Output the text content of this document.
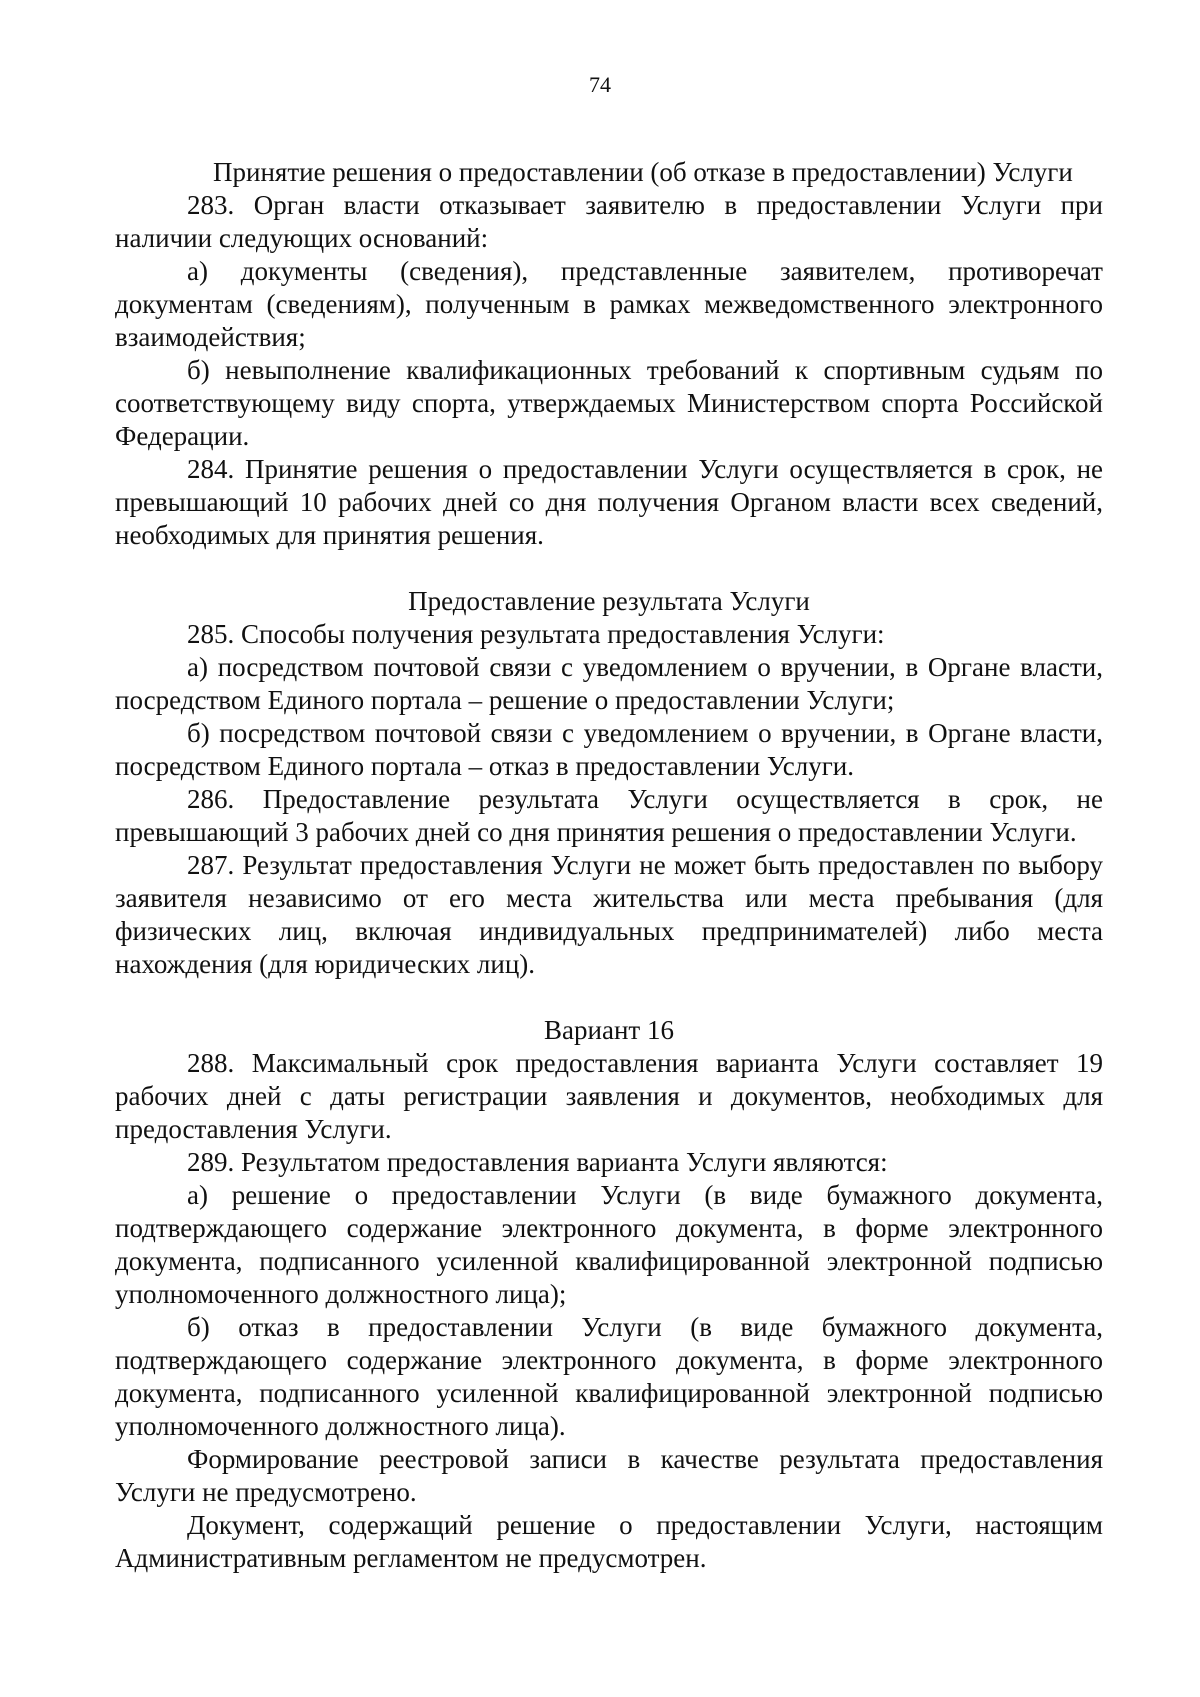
74
Принятие решения о предоставлении (об отказе в предоставлении) Услуги

283. Орган власти отказывает заявителю в предоставлении Услуги при наличии следующих оснований:

а) документы (сведения), представленные заявителем, противоречат документам (сведениям), полученным в рамках межведомственного электронного взаимодействия;

б) невыполнение квалификационных требований к спортивным судьям по соответствующему виду спорта, утверждаемых Министерством спорта Российской Федерации.

284. Принятие решения о предоставлении Услуги осуществляется в срок, не превышающий 10 рабочих дней со дня получения Органом власти всех сведений, необходимых для принятия решения.

Предоставление результата Услуги

285. Способы получения результата предоставления Услуги:

а) посредством почтовой связи с уведомлением о вручении, в Органе власти, посредством Единого портала – решение о предоставлении Услуги;

б) посредством почтовой связи с уведомлением о вручении, в Органе власти, посредством Единого портала – отказ в предоставлении Услуги.

286. Предоставление результата Услуги осуществляется в срок, не превышающий 3 рабочих дней со дня принятия решения о предоставлении Услуги.

287. Результат предоставления Услуги не может быть предоставлен по выбору заявителя независимо от его места жительства или места пребывания (для физических лиц, включая индивидуальных предпринимателей) либо места нахождения (для юридических лиц).

Вариант 16

288. Максимальный срок предоставления варианта Услуги составляет 19 рабочих дней с даты регистрации заявления и документов, необходимых для предоставления Услуги.

289. Результатом предоставления варианта Услуги являются:

а) решение о предоставлении Услуги (в виде бумажного документа, подтверждающего содержание электронного документа, в форме электронного документа, подписанного усиленной квалифицированной электронной подписью уполномоченного должностного лица);

б) отказ в предоставлении Услуги (в виде бумажного документа, подтверждающего содержание электронного документа, в форме электронного документа, подписанного усиленной квалифицированной электронной подписью уполномоченного должностного лица).

Формирование реестровой записи в качестве результата предоставления Услуги не предусмотрено.

Документ, содержащий решение о предоставлении Услуги, настоящим Административным регламентом не предусмотрен.
